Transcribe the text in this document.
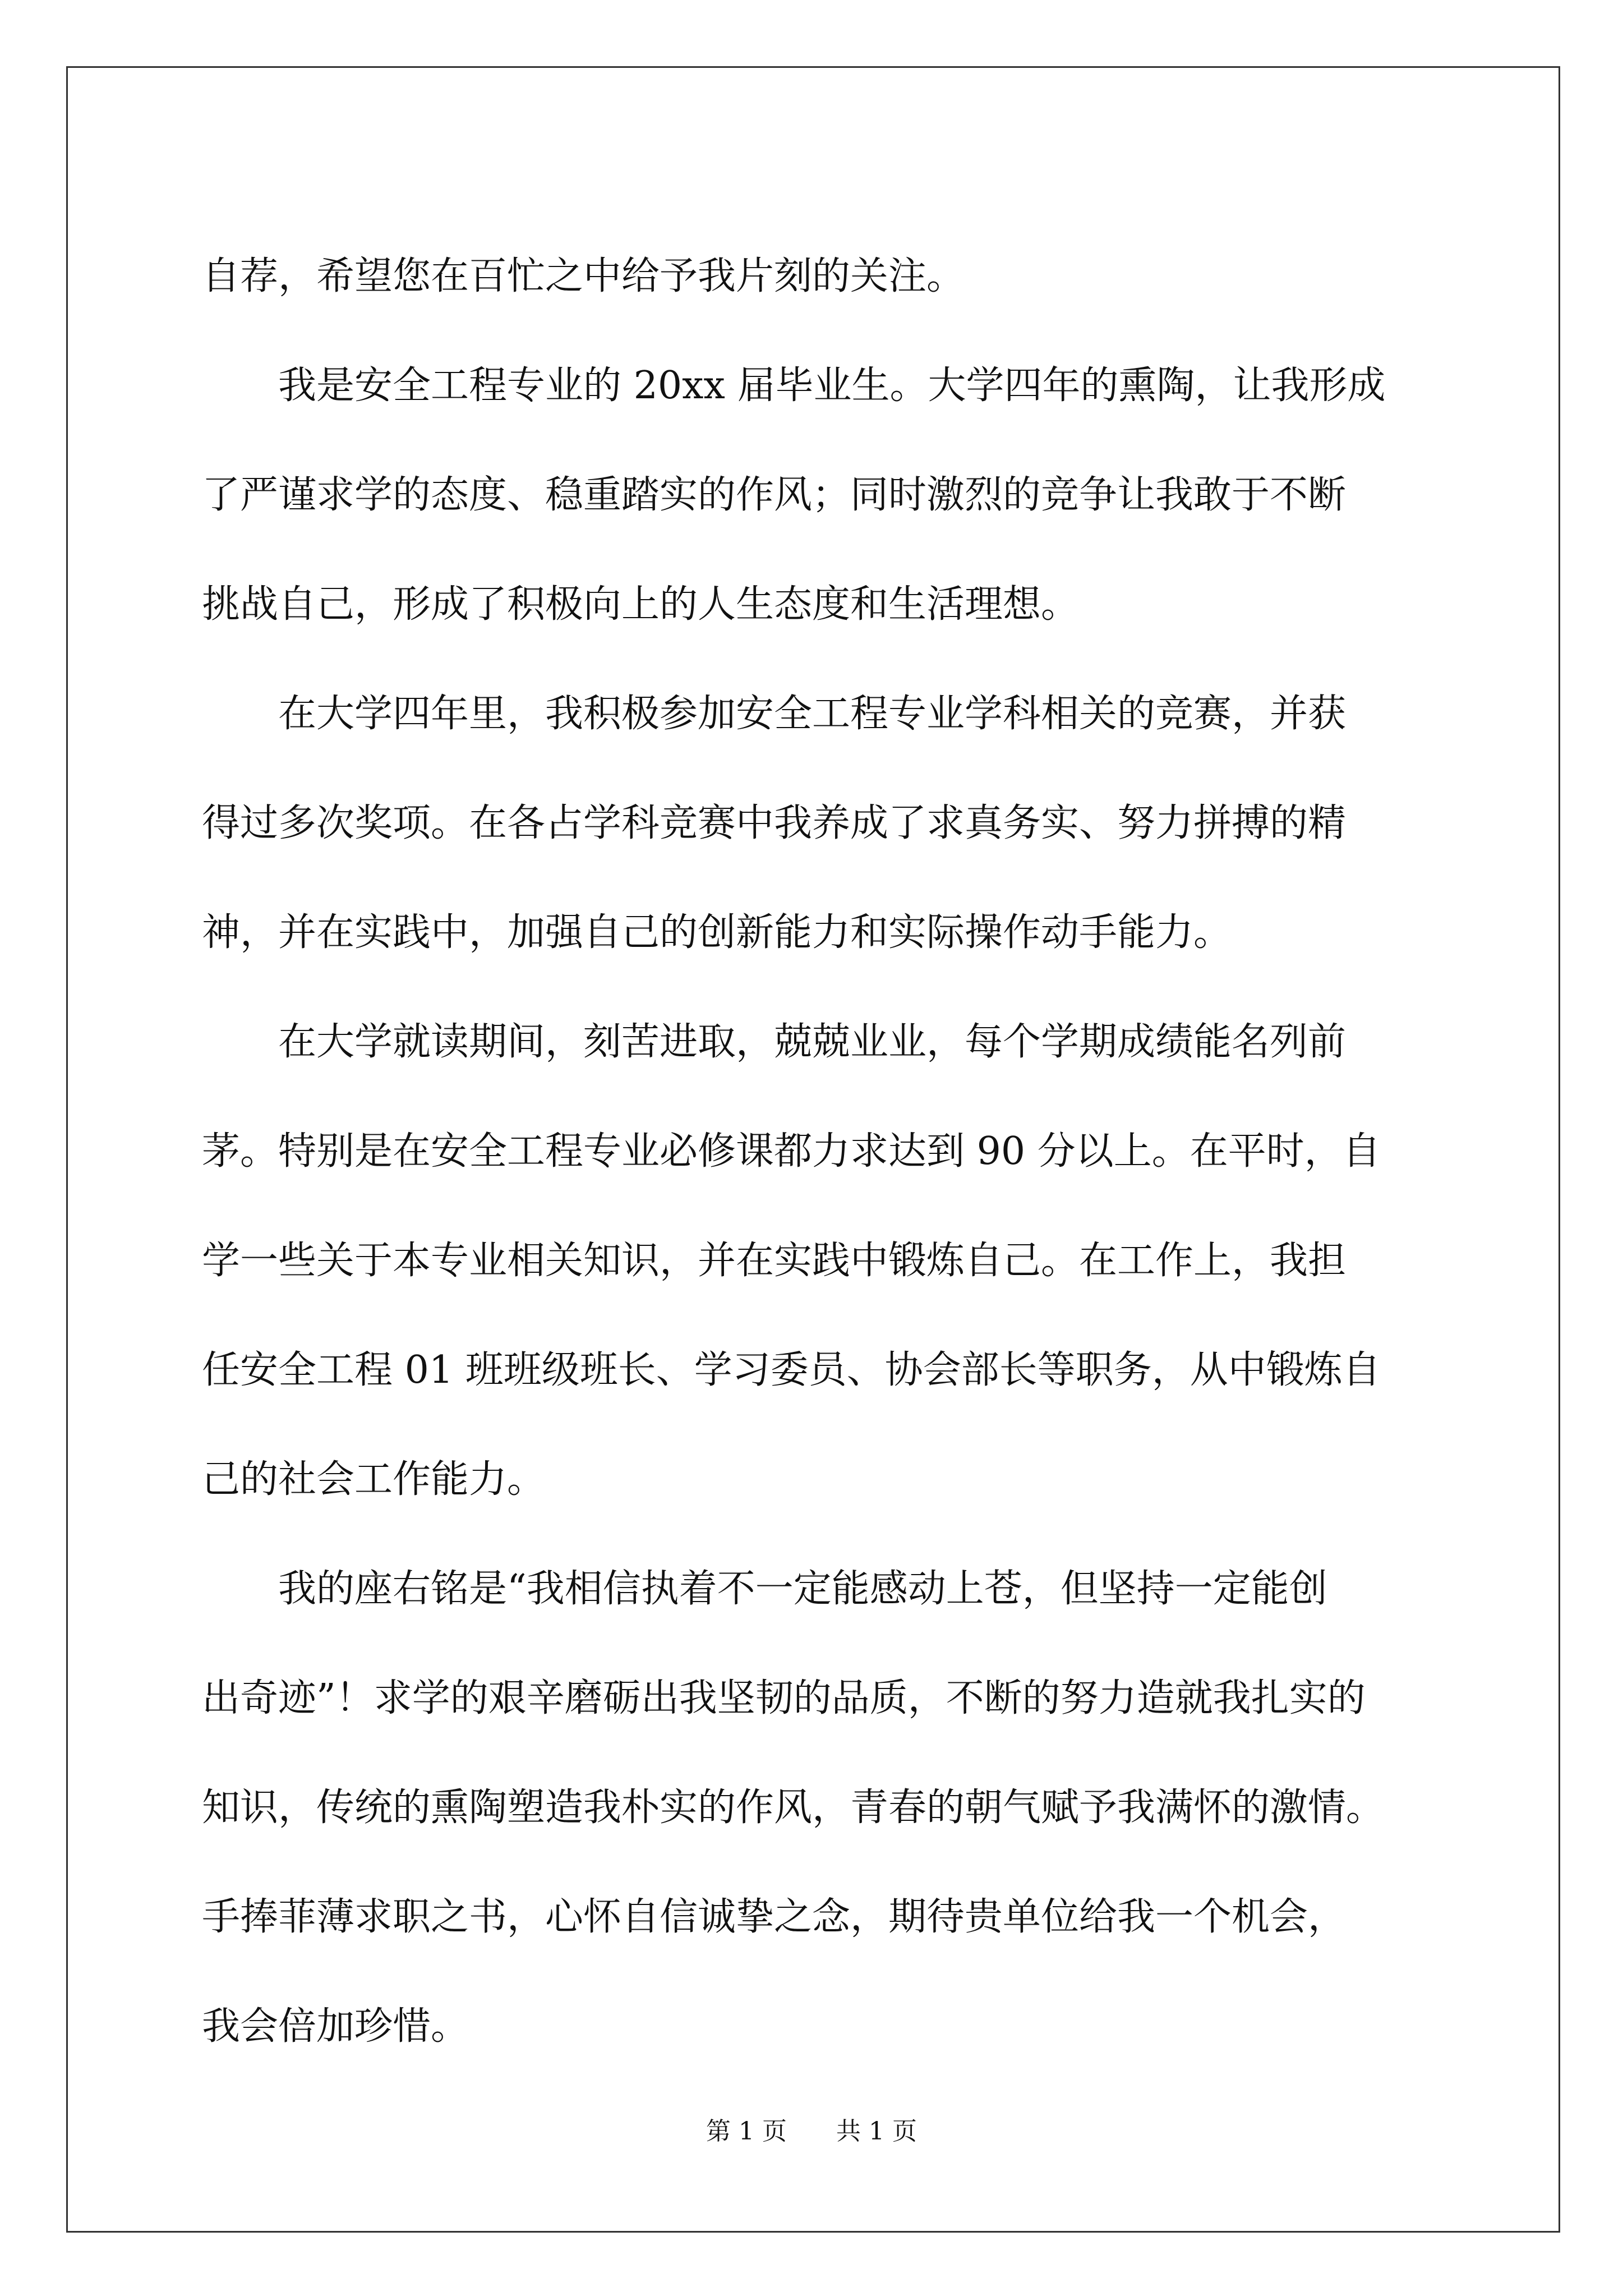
自荐，希望您在百忙之中给予我片刻的关注。
我是安全工程专业的 20xx 届毕业生。大学四年的熏陶，让我形成
了严谨求学的态度、稳重踏实的作风；同时激烈的竞争让我敢于不断
挑战自己，形成了积极向上的人生态度和生活理想。
在大学四年里，我积极参加安全工程专业学科相关的竞赛，并获
得过多次奖项。在各占学科竞赛中我养成了求真务实、努力拼搏的精
神，并在实践中，加强自己的创新能力和实际操作动手能力。
在大学就读期间，刻苦进取，兢兢业业，每个学期成绩能名列前
茅。特别是在安全工程专业必修课都力求达到 90 分以上。在平时，自
学一些关于本专业相关知识，并在实践中锻炼自己。在工作上，我担
任安全工程 01 班班级班长、学习委员、协会部长等职务，从中锻炼自
己的社会工作能力。
我的座右铭是“我相信执着不一定能感动上苍，但坚持一定能创
出奇迹”！求学的艰辛磨砺出我坚韧的品质，不断的努力造就我扎实的
知识，传统的熏陶塑造我朴实的作风，青春的朝气赋予我满怀的激情。
手捧菲薄求职之书，心怀自信诚挚之念，期待贵单位给我一个机会，
我会倍加珍惜。
第 1 页 共 1 页
